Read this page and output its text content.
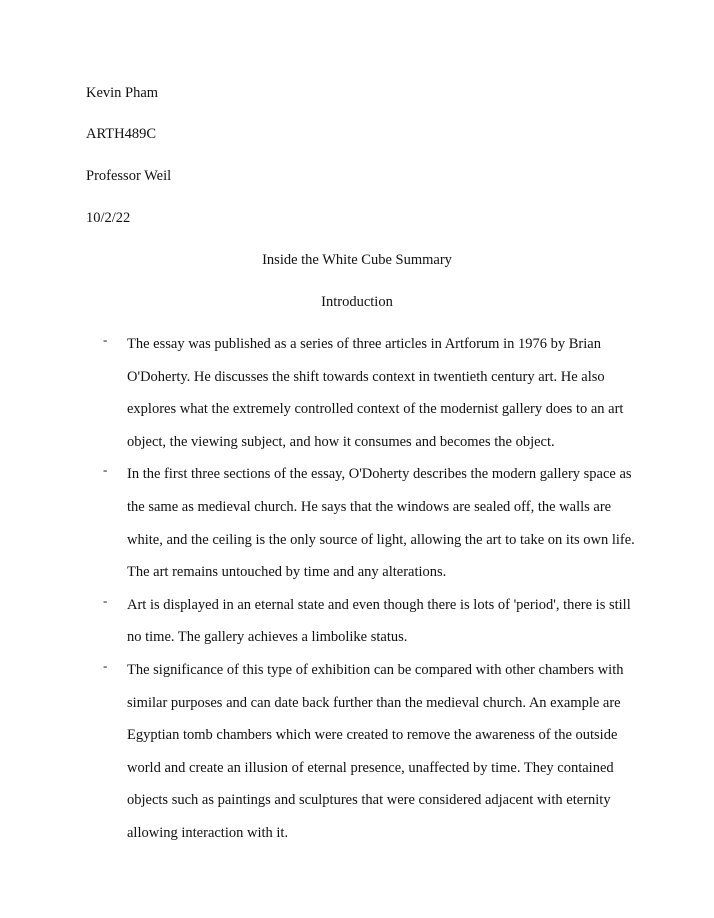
Kevin Pham
ARTH489C
Professor Weil
10/2/22
Inside the White Cube Summary
Introduction
- The essay was published as a series of three articles in Artforum in 1976 by Brian
O'Doherty. He discusses the shift towards context in twentieth century art. He also
explores what the extremely controlled context of the modernist gallery does to an art
object, the viewing subject, and how it consumes and becomes the object.
- In the first three sections of the essay, O'Doherty describes the modern gallery space as
the same as medieval church. He says that the windows are sealed off, the walls are
white, and the ceiling is the only source of light, allowing the art to take on its own life.
The art remains untouched by time and any alterations.
- Art is displayed in an eternal state and even though there is lots of 'period', there is still
no time. The gallery achieves a limbolike status.
- The significance of this type of exhibition can be compared with other chambers with
similar purposes and can date back further than the medieval church. An example are
Egyptian tomb chambers which were created to remove the awareness of the outside
world and create an illusion of eternal presence, unaffected by time. They contained
objects such as paintings and sculptures that were considered adjacent with eternity
allowing interaction with it.
